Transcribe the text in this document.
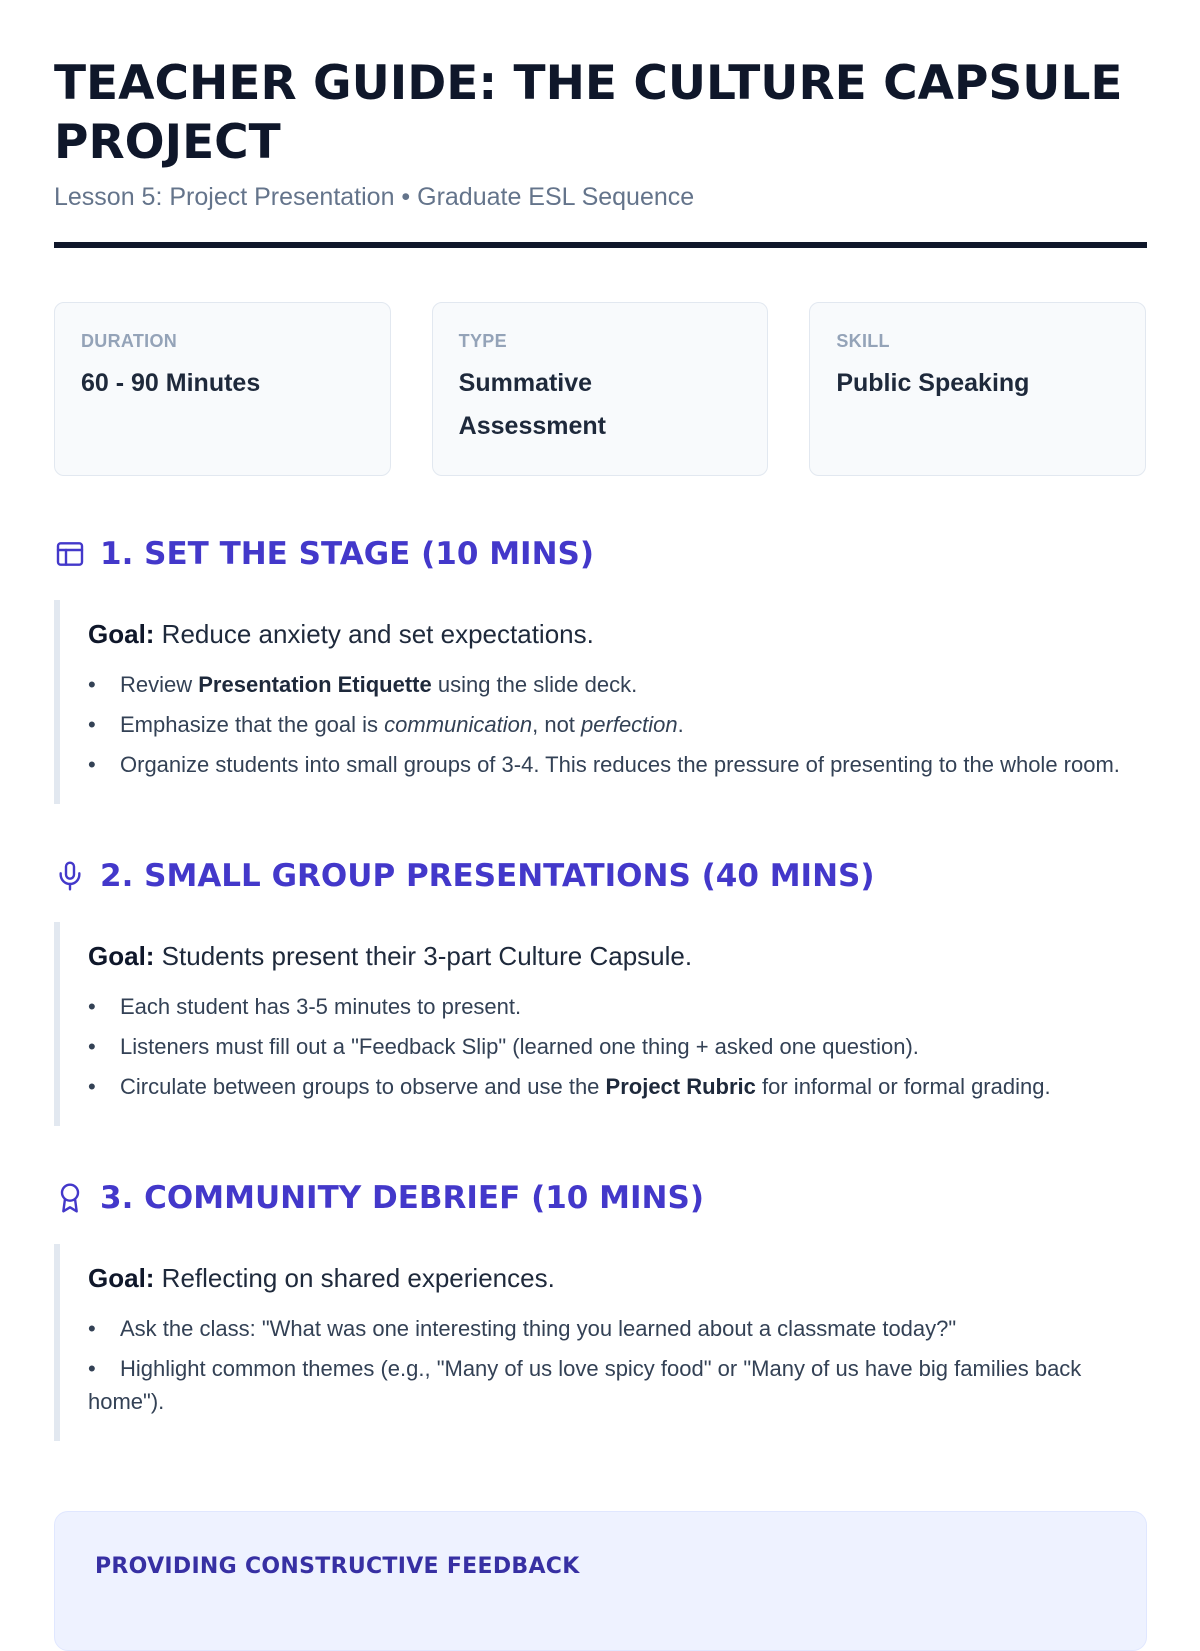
TEACHER GUIDE: THE CULTURE CAPSULE PROJECT
Lesson 5: Project Presentation • Graduate ESL Sequence
DURATION
60 - 90 Minutes
TYPE
Summative Assessment
SKILL
Public Speaking
1. SET THE STAGE (10 MINS)
Goal: Reduce anxiety and set expectations.
• Review Presentation Etiquette using the slide deck.
• Emphasize that the goal is communication, not perfection.
• Organize students into small groups of 3-4. This reduces the pressure of presenting to the whole room.
2. SMALL GROUP PRESENTATIONS (40 MINS)
Goal: Students present their 3-part Culture Capsule.
• Each student has 3-5 minutes to present.
• Listeners must fill out a "Feedback Slip" (learned one thing + asked one question).
• Circulate between groups to observe and use the Project Rubric for informal or formal grading.
3. COMMUNITY DEBRIEF (10 MINS)
Goal: Reflecting on shared experiences.
• Ask the class: "What was one interesting thing you learned about a classmate today?"
• Highlight common themes (e.g., "Many of us love spicy food" or "Many of us have big families back home").
PROVIDING CONSTRUCTIVE FEEDBACK
